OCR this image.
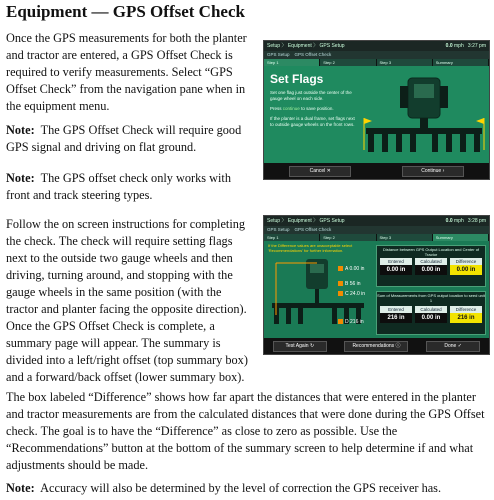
Equipment — GPS Offset Check
Once the GPS measurements for both the planter and tractor are entered, a GPS Offset Check is required to verify measurements. Select “GPS Offset Check” from the navigation pane when in the equipment menu.
Note: The GPS Offset Check will require good GPS signal and driving on flat ground.
Note: The GPS offset check only works with front and track steering types.
Follow the on screen instructions for completing the check. The check will require setting flags next to the outside two gauge wheels and then driving, turning around, and stopping with the gauge wheels in the same position (with the tractor and planter facing the opposite direction). Once the GPS Offset Check is complete, a summary page will appear. The summary is divided into a left/right offset (top summary box) and a forward/back offset (lower summary box).
The box labeled “Difference” shows how far apart the distances that were entered in the planter and tractor measurements are from the calculated distances that were done during the GPS Offset check. The goal is to have the “Difference” as close to zero as possible. Use the “Recommendations” button at the bottom of the summary screen to help determine if and what adjustments should be made.
Note: Accuracy will also be determined by the level of correction the GPS receiver has.
Setup 〉 Equipment 〉 GPS Setup	0.0 mph 3:27 pm
GPS Setup GPS Offset Check
Step 1	Step 2	Step 3	Summary
Set Flags
Set one flag just outside the center of the gauge wheel on each side.
Press continue to save position.
If the planter is a dual frame, set flags next to outside gauge wheels on the front rows.
Cancel ✕	Continue ›
Setup 〉 Equipment 〉 GPS Setup	0.0 mph 3:28 pm
GPS Setup GPS Offset Check
Step 1	Step 2	Step 3	Summary
If the Difference values are unacceptable select 'Recommendations' for further information.
A 0.00 in
B 56 in
C 24.0 in
D 216 in
Distance between GPS Output Location and Center of Tractor
Entered
0.00 in
Calculated
0.00 in
Difference
0.00 in
Sum of Measurements from GPS output location to seed unit 1
Entered
216 in
Calculated
0.00 in
Difference
216 in
Test Again ↻	Recommendations ⓘ	Done ✓
